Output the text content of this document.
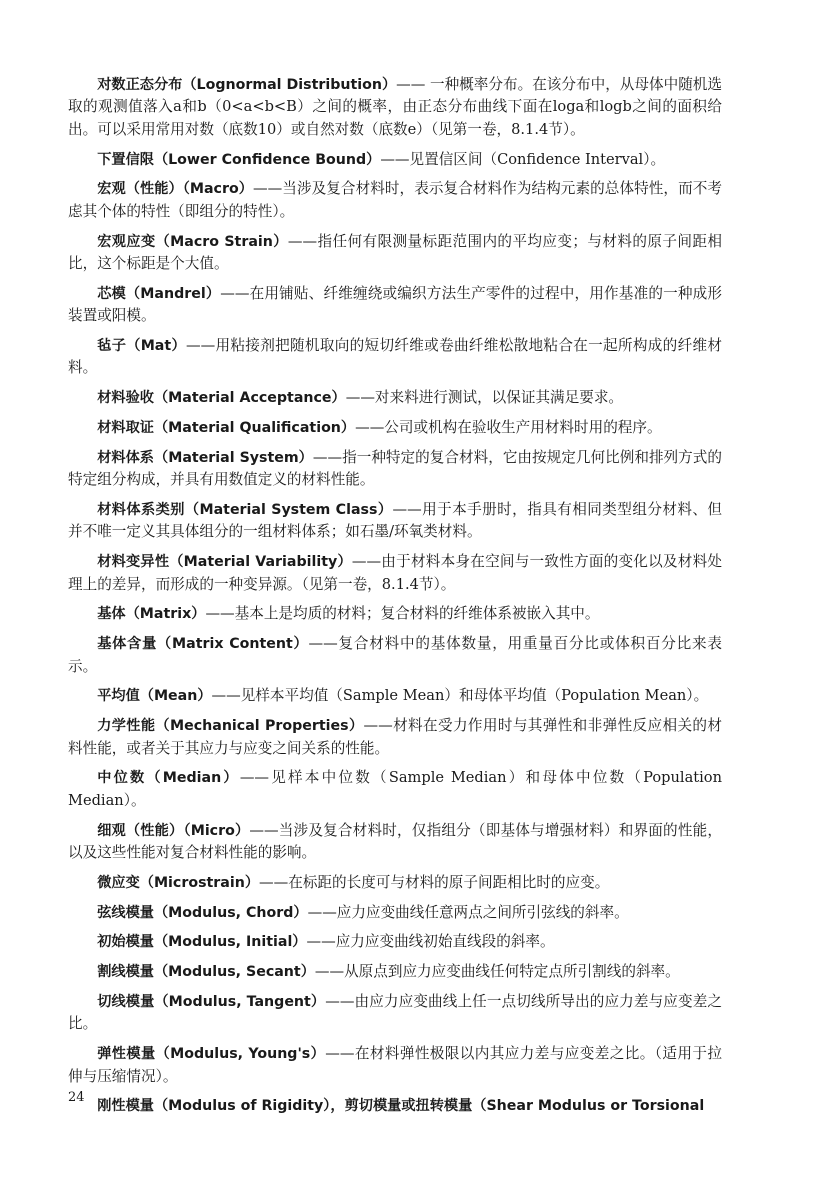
对数正态分布（Lognormal Distribution）—— 一种概率分布。在该分布中，从母体中随机选取的观测值落入a和b（0<a<b<B）之间的概率，由正态分布曲线下面在loga和logb之间的面积给出。可以采用常用对数（底数10）或自然对数（底数e）（见第一卷，8.1.4节）。

下置信限（Lower Confidence Bound）——见置信区间（Confidence Interval）。

宏观（性能）（Macro）——当涉及复合材料时，表示复合材料作为结构元素的总体特性，而不考虑其个体的特性（即组分的特性）。

宏观应变（Macro Strain）——指任何有限测量标距范围内的平均应变；与材料的原子间距相比，这个标距是个大值。

芯模（Mandrel）——在用铺贴、纤维缠绕或编织方法生产零件的过程中，用作基准的一种成形装置或阳模。

毡子（Mat）——用粘接剂把随机取向的短切纤维或卷曲纤维松散地粘合在一起所构成的纤维材料。

材料验收（Material Acceptance）——对来料进行测试，以保证其满足要求。

材料取证（Material Qualification）——公司或机构在验收生产用材料时用的程序。

材料体系（Material System）——指一种特定的复合材料，它由按规定几何比例和排列方式的特定组分构成，并具有用数值定义的材料性能。

材料体系类别（Material System Class）——用于本手册时，指具有相同类型组分材料、但并不唯一定义其具体组分的一组材料体系；如石墨/环氧类材料。

材料变异性（Material Variability）——由于材料本身在空间与一致性方面的变化以及材料处理上的差异，而形成的一种变异源。（见第一卷，8.1.4节）。

基体（Matrix）——基本上是均质的材料；复合材料的纤维体系被嵌入其中。

基体含量（Matrix Content）——复合材料中的基体数量，用重量百分比或体积百分比来表示。

平均值（Mean）——见样本平均值（Sample Mean）和母体平均值（Population Mean）。

力学性能（Mechanical Properties）——材料在受力作用时与其弹性和非弹性反应相关的材料性能，或者关于其应力与应变之间关系的性能。

中位数（Median）——见样本中位数（Sample Median）和母体中位数（Population Median）。

细观（性能）（Micro）——当涉及复合材料时，仅指组分（即基体与增强材料）和界面的性能，以及这些性能对复合材料性能的影响。

微应变（Microstrain）——在标距的长度可与材料的原子间距相比时的应变。

弦线模量（Modulus, Chord）——应力应变曲线任意两点之间所引弦线的斜率。

初始模量（Modulus, Initial）——应力应变曲线初始直线段的斜率。

割线模量（Modulus, Secant）——从原点到应力应变曲线任何特定点所引割线的斜率。

切线模量（Modulus, Tangent）——由应力应变曲线上任一点切线所导出的应力差与应变差之比。

弹性模量（Modulus, Young's）——在材料弹性极限以内其应力差与应变差之比。（适用于拉伸与压缩情况）。

刚性模量（Modulus of Rigidity），剪切模量或扭转模量（Shear Modulus or Torsional

24
